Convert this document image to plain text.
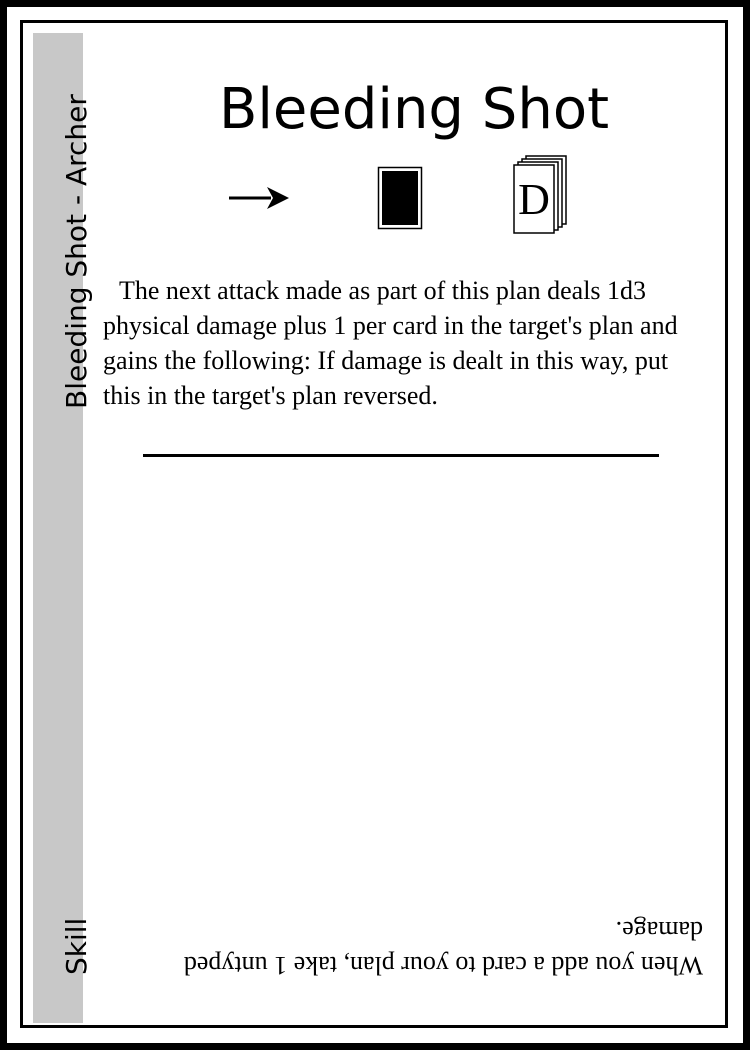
Bleeding Shot - Archer
Skill
Bleeding Shot
D
The next attack made as part of this plan deals 1d3 physical damage plus 1 per card in the target's plan and gains the following: If damage is dealt in this way, put this in the target's plan reversed.
When you add a card to your plan, take 1 untyped damage.
